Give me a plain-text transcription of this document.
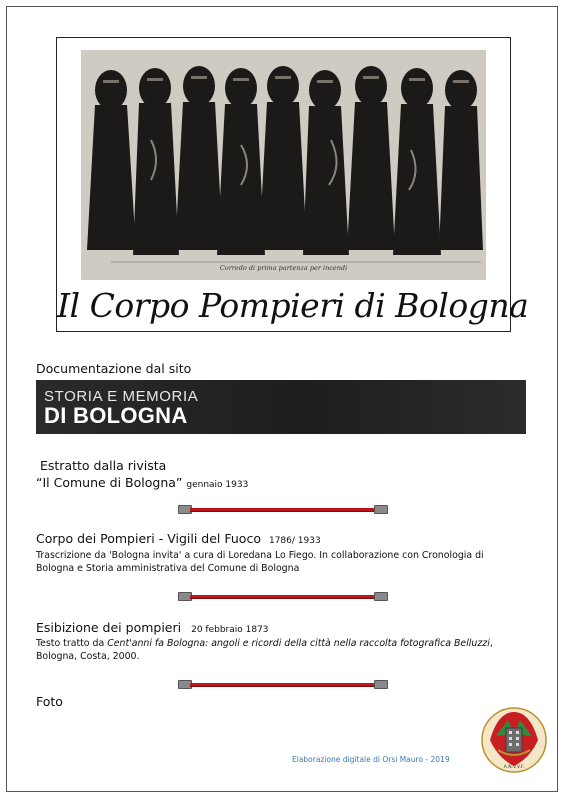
Corredo di prima partenza per incendi
Il Corpo Pompieri di Bologna
Documentazione dal sito
STORIA E MEMORIA
DI BOLOGNA
Estratto dalla rivista
“Il Comune di Bologna” gennaio 1933
Corpo dei Pompieri - Vigili del Fuoco 1786/ 1933
Trascrizione da 'Bologna invita' a cura di Loredana Lo Fiego. In collaborazione con Cronologia di Bologna e Storia amministrativa del Comune di Bologna
Esibizione dei pompieri 20 febbraio 1873
Testo tratto da Cent'anni fa Bologna: angoli e ricordi della città nella raccolta fotografica Belluzzi, Bologna, Costa, 2000.
Foto
Elaborazione digitale di Orsi Mauro - 2019
A.N.V.V.F.
